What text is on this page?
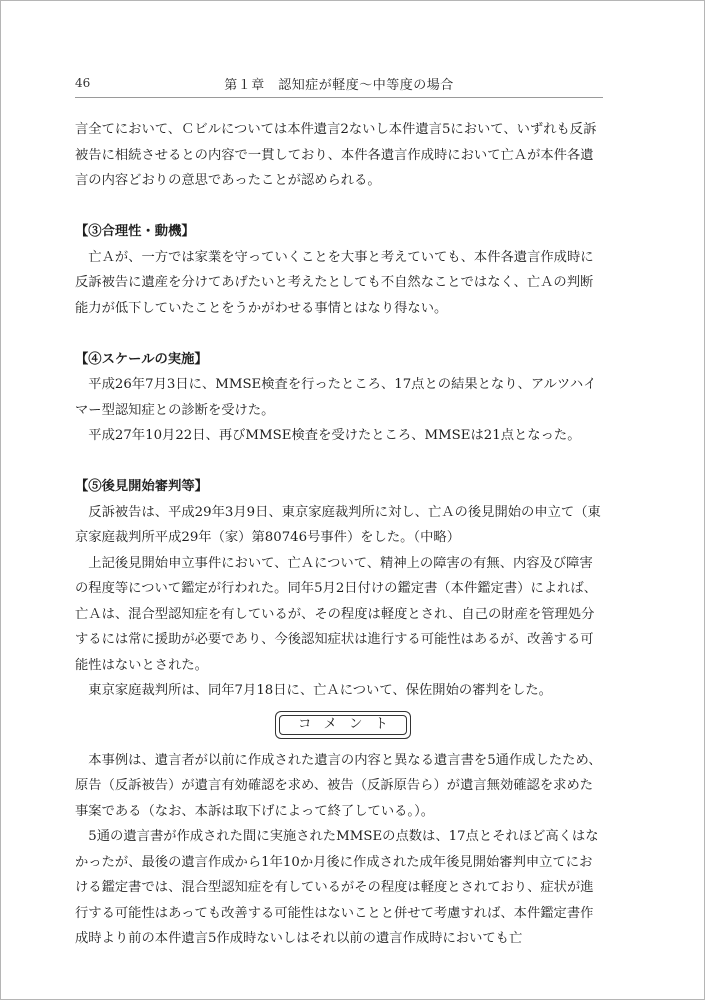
46	第１章　認知症が軽度～中等度の場合

言全てにおいて、Ｃビルについては本件遺言2ないし本件遺言5において、いずれも反訴被告に相続させるとの内容で一貫しており、本件各遺言作成時において亡Ａが本件各遺言の内容どおりの意思であったことが認められる。

【③合理性・動機】

亡Ａが、一方では家業を守っていくことを大事と考えていても、本件各遺言作成時に反訴被告に遺産を分けてあげたいと考えたとしても不自然なことではなく、亡Ａの判断能力が低下していたことをうかがわせる事情とはなり得ない。

【④スケールの実施】

平成26年7月3日に、MMSE検査を行ったところ、17点との結果となり、アルツハイマー型認知症との診断を受けた。

平成27年10月22日、再びMMSE検査を受けたところ、MMSEは21点となった。

【⑤後見開始審判等】

反訴被告は、平成29年3月9日、東京家庭裁判所に対し、亡Ａの後見開始の申立て（東京家庭裁判所平成29年（家）第80746号事件）をした。（中略）

上記後見開始申立事件において、亡Ａについて、精神上の障害の有無、内容及び障害の程度等について鑑定が行われた。同年5月2日付けの鑑定書（本件鑑定書）によれば、亡Ａは、混合型認知症を有しているが、その程度は軽度とされ、自己の財産を管理処分するには常に援助が必要であり、今後認知症状は進行する可能性はあるが、改善する可能性はないとされた。

東京家庭裁判所は、同年7月18日に、亡Ａについて、保佐開始の審判をした。

コメント

本事例は、遺言者が以前に作成された遺言の内容と異なる遺言書を5通作成したため、原告（反訴被告）が遺言有効確認を求め、被告（反訴原告ら）が遺言無効確認を求めた事案である（なお、本訴は取下げによって終了している。）。

5通の遺言書が作成された間に実施されたMMSEの点数は、17点とそれほど高くはなかったが、最後の遺言作成から1年10か月後に作成された成年後見開始審判申立てにおける鑑定書では、混合型認知症を有しているがその程度は軽度とされており、症状が進行する可能性はあっても改善する可能性はないことと併せて考慮すれば、本件鑑定書作成時より前の本件遺言5作成時ないしはそれ以前の遺言作成時においても亡
